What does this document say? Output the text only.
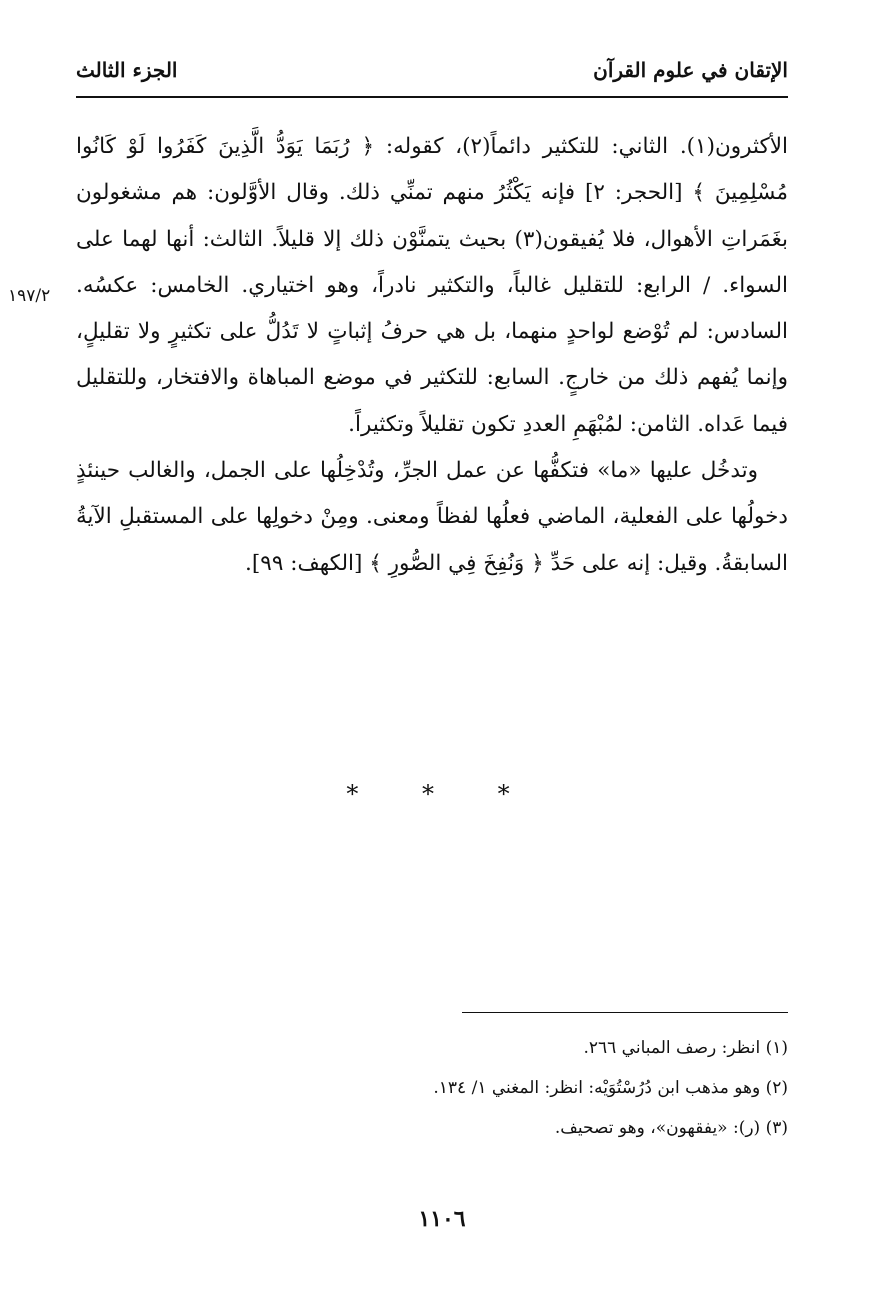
الإتقان في علوم القرآن
الجزء الثالث
١٩٧/٢

الأكثرون(١). الثاني: للتكثير دائماً(٢)، كقوله: ﴿ رُبَمَا يَوَدُّ الَّذِينَ كَفَرُوا لَوْ كَانُوا مُسْلِمِينَ ﴾ [الحجر: ٢] فإنه يَكْثُرُ منهم تمنِّي ذلك. وقال الأوَّلون: هم مشغولون بغَمَراتِ الأهوال، فلا يُفيقون(٣) بحيث يتمنَّوْن ذلك إلا قليلاً. الثالث: أنها لهما على السواء. / الرابع: للتقليل غالباً، والتكثير نادراً، وهو اختياري. الخامس: عكسُه. السادس: لم تُوْضع لواحدٍ منهما، بل هي حرفُ إثباتٍ لا تَدُلُّ على تكثيرٍ ولا تقليلٍ، وإنما يُفهم ذلك من خارجٍ. السابع: للتكثير في موضع المباهاة والافتخار، وللتقليل فيما عَداه. الثامن: لمُبْهَمِ العددِ تكون تقليلاً وتكثيراً.

وتدخُل عليها «ما» فتكفُّها عن عمل الجرِّ، وتُدْخِلُها على الجمل، والغالب حينئذٍ دخولُها على الفعلية، الماضي فعلُها لفظاً ومعنى. ومِنْ دخولِها على المستقبلِ الآيةُ السابقةُ. وقيل: إنه على حَدِّ ﴿ وَنُفِخَ فِي الصُّورِ ﴾ [الكهف: ٩٩].

* * *
(١) انظر: رصف المباني ٢٦٦.
(٢) وهو مذهب ابن دُرُسْتُوَيْه: انظر: المغني ١/ ١٣٤.
(٣) (ر): «يفقهون»، وهو تصحيف.
١١٠٦
